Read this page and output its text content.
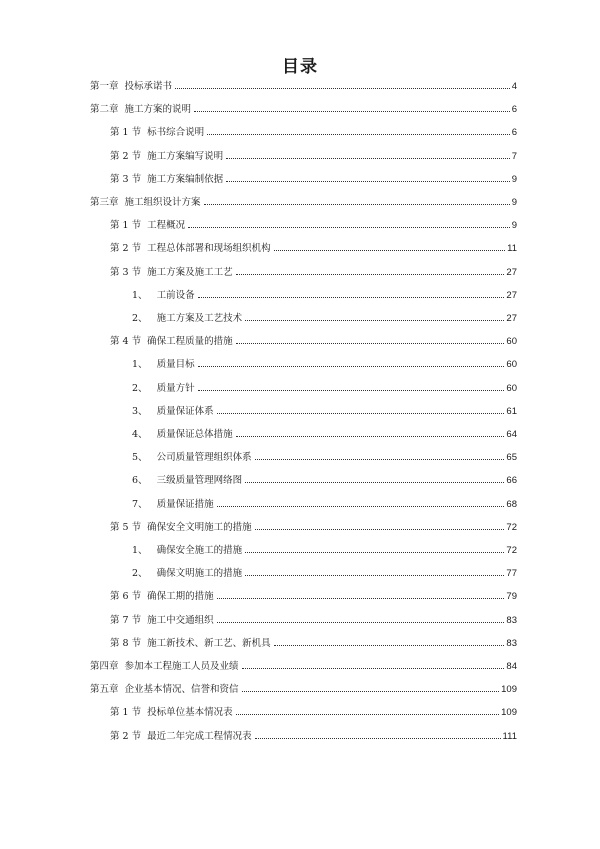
目录
第一章  投标承诺书	4
第二章  施工方案的说明	6
第 1 节  标书综合说明	6
第 2 节  施工方案编写说明	7
第 3 节  施工方案编制依据	9
第三章  施工组织设计方案	9
第 1 节  工程概况	9
第 2 节  工程总体部署和现场组织机构	11
第 3 节  施工方案及施工工艺	27
1、   工前设备	27
2、   施工方案及工艺技术	27
第 4 节  确保工程质量的措施	60
1、   质量目标	60
2、   质量方针	60
3、   质量保证体系	61
4、   质量保证总体措施	64
5、   公司质量管理组织体系	65
6、   三级质量管理网络图	66
7、   质量保证措施	68
第 5 节  确保安全文明施工的措施	72
1、   确保安全施工的措施	72
2、   确保文明施工的措施	77
第 6 节  确保工期的措施	79
第 7 节  施工中交通组织	83
第 8 节  施工新技术、新工艺、新机具	83
第四章  参加本工程施工人员及业绩	84
第五章  企业基本情况、信誉和资信	109
第 1 节  投标单位基本情况表	109
第 2 节  最近二年完成工程情况表	111
